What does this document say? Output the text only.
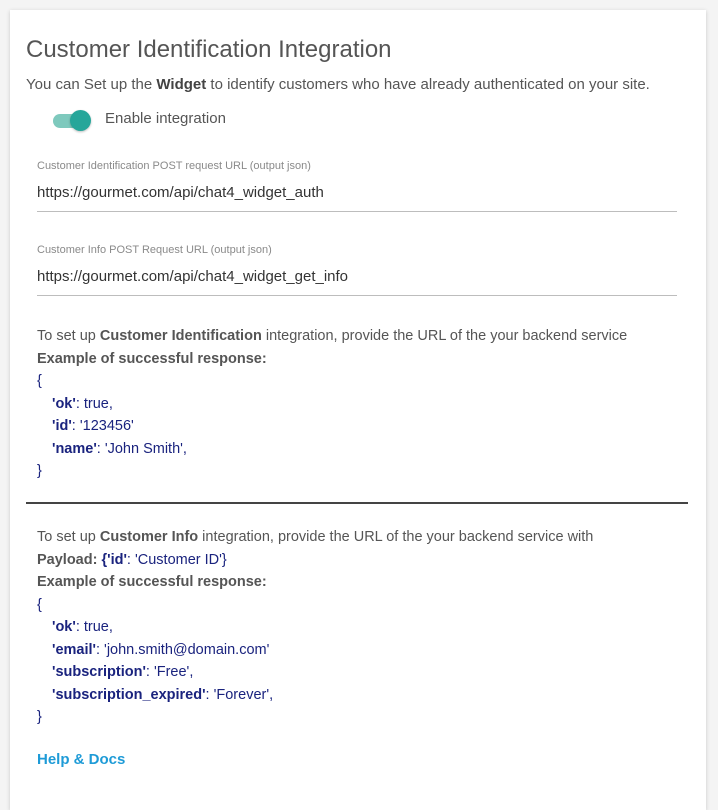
Customer Identification Integration
You can Set up the Widget to identify customers who have already authenticated on your site.
Enable integration
Customer Identification POST request URL (output json)
https://gourmet.com/api/chat4_widget_auth
Customer Info POST Request URL (output json)
https://gourmet.com/api/chat4_widget_get_info
To set up Customer Identification integration, provide the URL of the your backend service
Example of successful response:
{
'ok': true,
'id': '123456'
'name': 'John Smith',
}
To set up Customer Info integration, provide the URL of the your backend service with
Payload: {'id': 'Customer ID'}
Example of successful response:
{
'ok': true,
'email': 'john.smith@domain.com'
'subscription': 'Free',
'subscription_expired': 'Forever',
}
Help & Docs
